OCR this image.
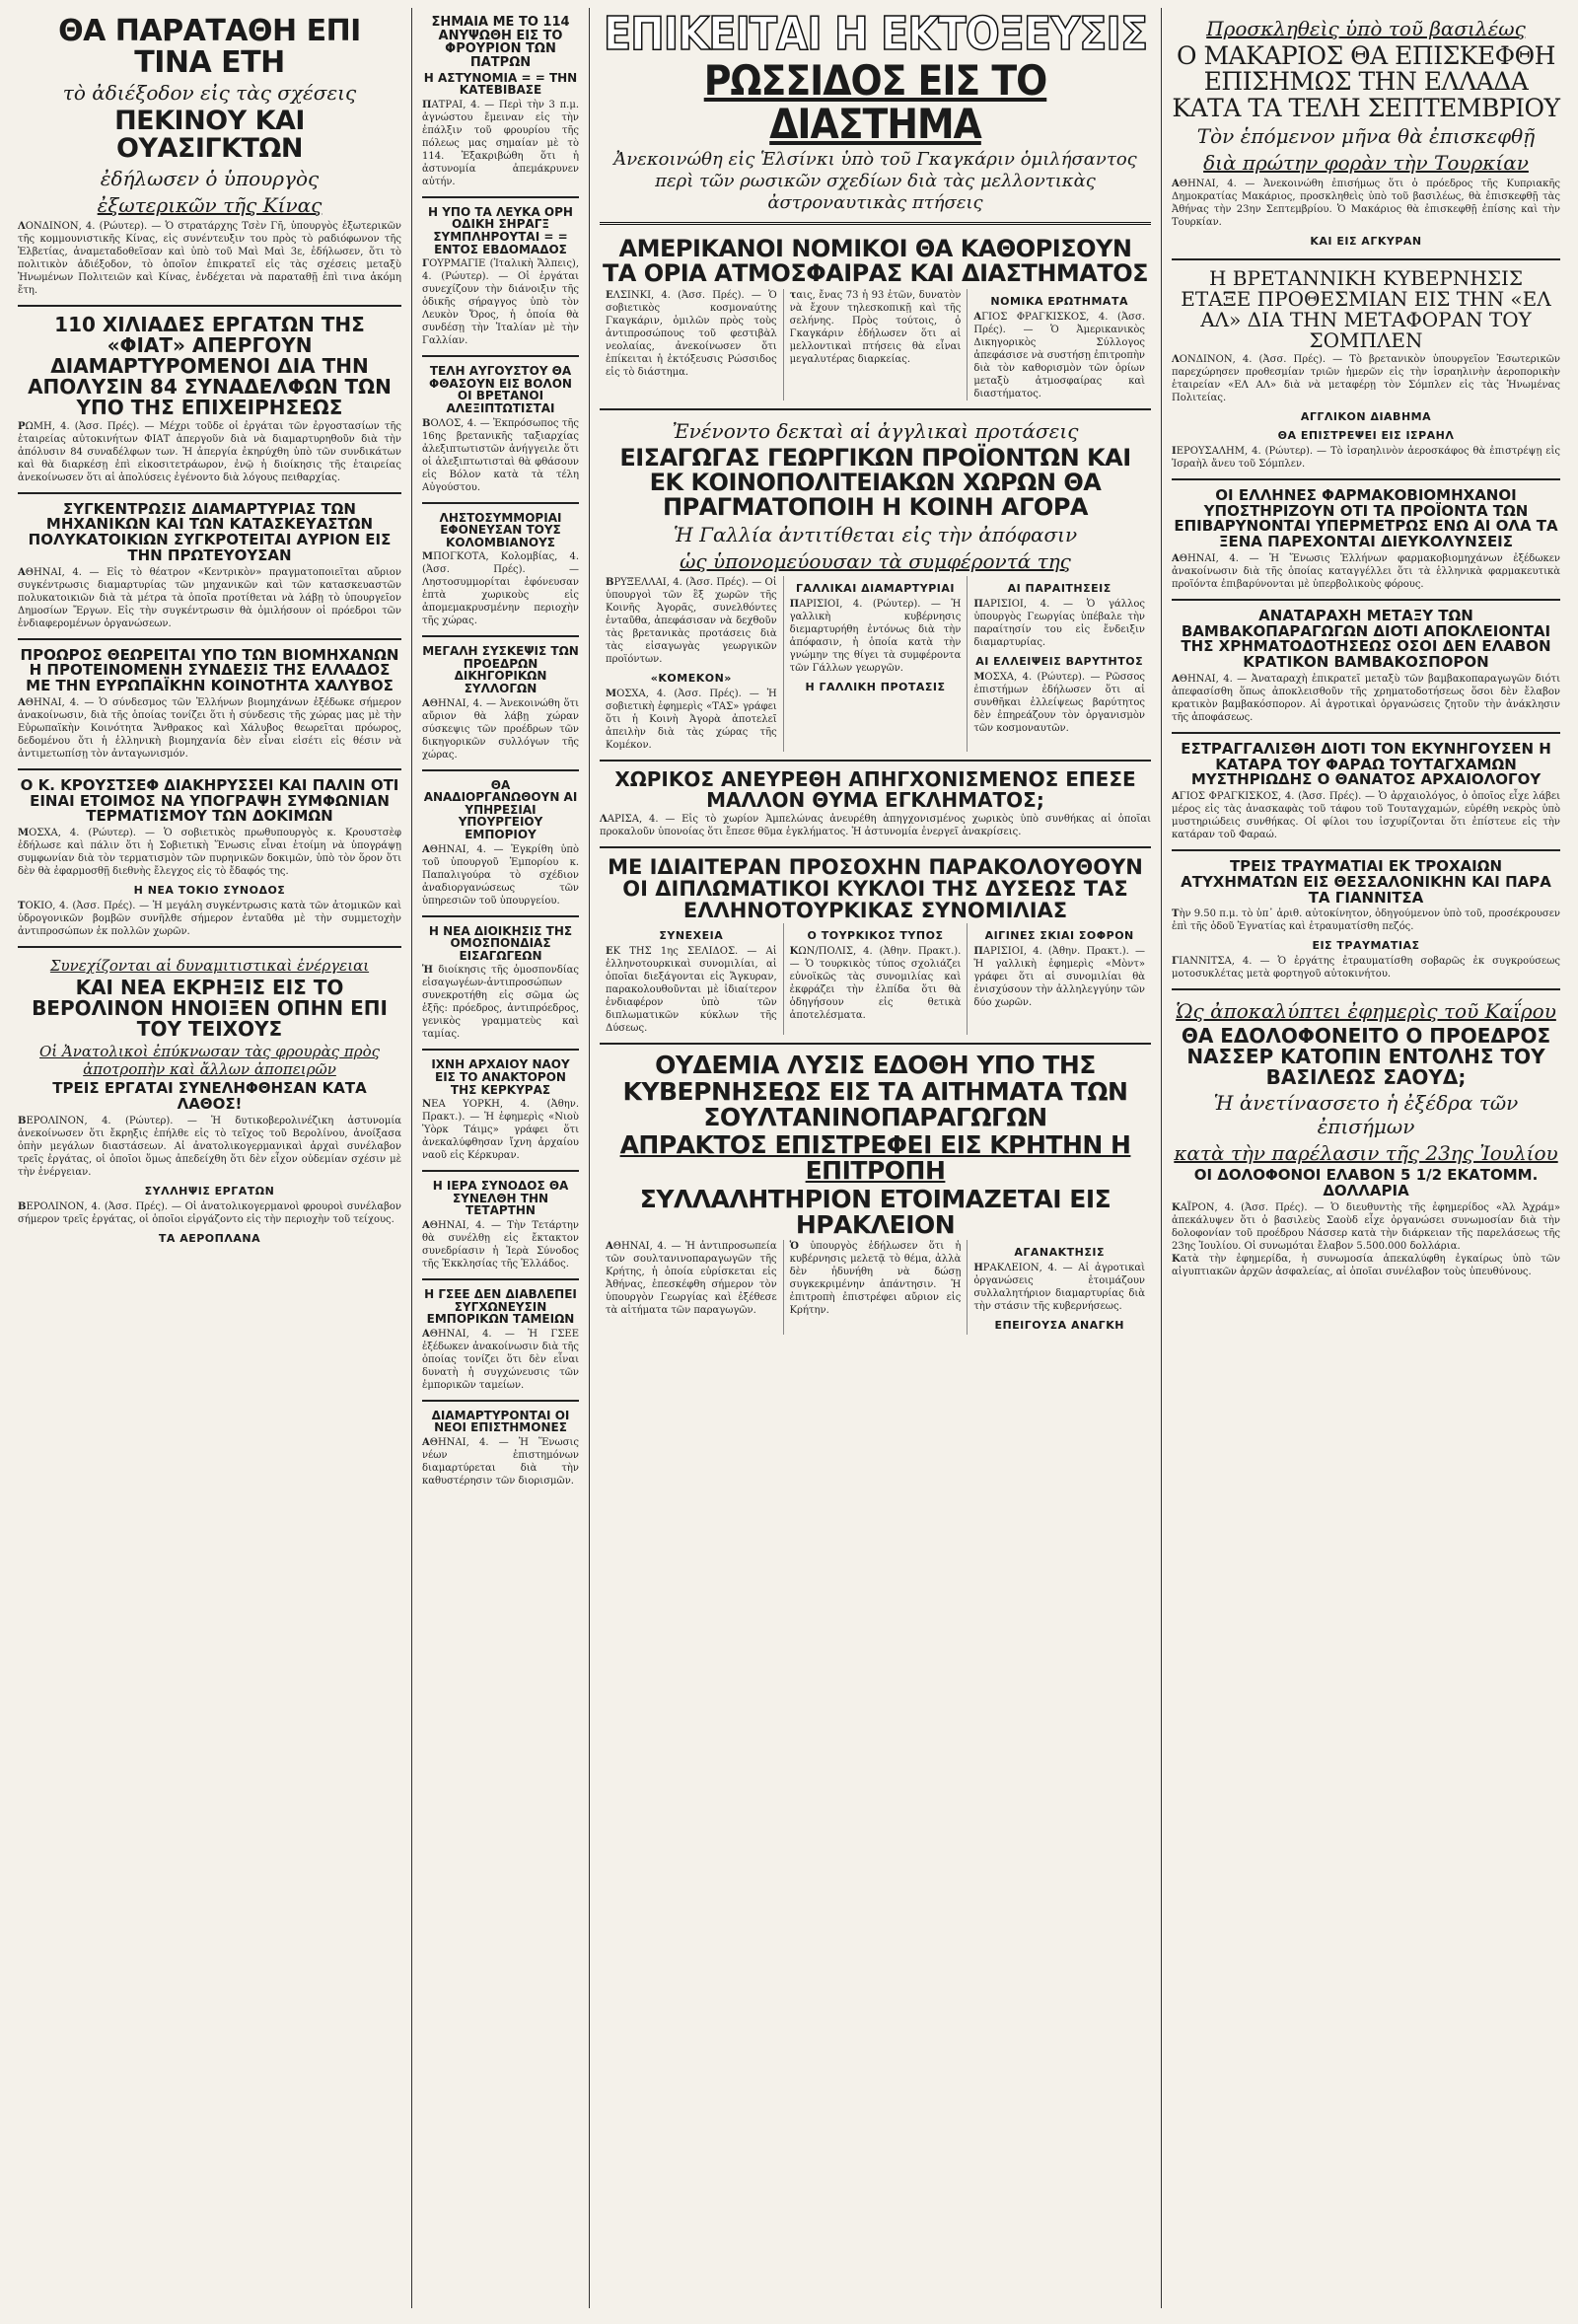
ΘΑ ΠΑΡΑΤΑΘΗ ΕΠΙ ΤΙΝΑ ΕΤΗ
τὸ ἀδιέξοδον εἰς τὰς σχέσεις
ΠΕΚΙΝΟΥ ΚΑΙ ΟΥΑΣΙΓΚΤΩΝ
ἐδήλωσεν ὁ ὑπουργὸς
ἐξωτερικῶν τῆς Κίνας

ΛΟΝΔΙΝΟΝ, 4. (Ρώυτερ). — Ὁ στρατάρχης Τσὲν Γῆ, ὑπουργὸς ἐξωτερικῶν τῆς κομμουνιστικῆς Κίνας, εἰς συνέντευξιν του πρὸς τὸ ραδιόφωνον τῆς Ἑλβετίας, ἀναμεταδοθεῖσαν καὶ ὑπὸ τοῦ Μαὶ Μαὶ 3ε, ἐδήλωσεν, ὅτι τὸ πολιτικὸν ἀδιέξοδον, τὸ ὁποῖον ἐπικρατεῖ εἰς τὰς σχέσεις μεταξὺ Ἡνωμένων Πολιτειῶν καὶ Κίνας, ἐνδέχεται νὰ παραταθῇ ἐπὶ τινα ἀκόμη ἔτη.

110 ΧΙΛΙΑΔΕΣ ΕΡΓΑΤΩΝ ΤΗΣ «ΦΙΑΤ» ΑΠΕΡΓΟΥΝ ΔΙΑΜΑΡΤΥΡΟΜΕΝΟΙ ΔΙΑ ΤΗΝ ΑΠΟΛΥΣΙΝ 84 ΣΥΝΑΔΕΛΦΩΝ ΤΩΝ ΥΠΟ ΤΗΣ ΕΠΙΧΕΙΡΗΣΕΩΣ

ΡΩΜΗ, 4. (Ἀσσ. Πρές). — Μέχρι τοῦδε οἱ ἐργάται τῶν ἐργοστασίων τῆς ἑταιρείας αὐτοκινήτων ΦΙΑΤ ἀπεργοῦν διὰ νὰ διαμαρτυρηθοῦν διὰ τὴν ἀπόλυσιν 84 συναδέλφων των. Ἡ ἀπεργία ἐκηρύχθη ὑπὸ τῶν συνδικάτων καὶ θὰ διαρκέσῃ ἐπὶ εἰκοσιτετράωρον, ἐνῷ ἡ διοίκησις τῆς ἑταιρείας ἀνεκοίνωσεν ὅτι αἱ ἀπολύσεις ἐγένοντο διὰ λόγους πειθαρχίας.

ΣΥΓΚΕΝΤΡΩΣΙΣ ΔΙΑΜΑΡΤΥΡΙΑΣ ΤΩΝ ΜΗΧΑΝΙΚΩΝ ΚΑΙ ΤΩΝ ΚΑΤΑΣΚΕΥΑΣΤΩΝ ΠΟΛΥΚΑΤΟΙΚΙΩΝ ΣΥΓΚΡΟΤΕΙΤΑΙ ΑΥΡΙΟΝ ΕΙΣ ΤΗΝ ΠΡΩΤΕΥΟΥΣΑΝ

ΑΘΗΝΑΙ, 4. — Εἰς τὸ θέατρον «Κεντρικὸν» πραγματοποιεῖται αὔριον συγκέντρωσις διαμαρτυρίας τῶν μηχανικῶν καὶ τῶν κατασκευαστῶν πολυκατοικιῶν διὰ τὰ μέτρα τὰ ὁποῖα προτίθεται νὰ λάβῃ τὸ ὑπουργεῖον Δημοσίων Ἔργων. Εἰς τὴν συγκέντρωσιν θὰ ὁμιλήσουν οἱ πρόεδροι τῶν ἐνδιαφερομένων ὀργανώσεων.

ΠΡΟΩΡΟΣ ΘΕΩΡΕΙΤΑΙ ΥΠΟ ΤΩΝ ΒΙΟΜΗΧΑΝΩΝ Η ΠΡΟΤΕΙΝΟΜΕΝΗ ΣΥΝΔΕΣΙΣ ΤΗΣ ΕΛΛΑΔΟΣ ΜΕ ΤΗΝ ΕΥΡΩΠΑΪΚΗΝ ΚΟΙΝΟΤΗΤΑ ΧΑΛΥΒΟΣ

ΑΘΗΝΑΙ, 4. — Ὁ σύνδεσμος τῶν Ἑλλήνων βιομηχάνων ἐξέδωκε σήμερον ἀνακοίνωσιν, διὰ τῆς ὁποίας τονίζει ὅτι ἡ σύνδεσις τῆς χώρας μας μὲ τὴν Εὐρωπαϊκὴν Κοινότητα Ἄνθρακος καὶ Χάλυβος θεωρεῖται πρόωρος, δεδομένου ὅτι ἡ ἑλληνικὴ βιομηχανία δὲν εἶναι εἰσέτι εἰς θέσιν νὰ ἀντιμετωπίσῃ τὸν ἀνταγωνισμόν.

Ο Κ. ΚΡΟΥΣΤΣΕΦ ΔΙΑΚΗΡΥΣΣΕΙ ΚΑΙ ΠΑΛΙΝ ΟΤΙ ΕΙΝΑΙ ΕΤΟΙΜΟΣ ΝΑ ΥΠΟΓΡΑΨΗ ΣΥΜΦΩΝΙΑΝ ΤΕΡΜΑΤΙΣΜΟΥ ΤΩΝ ΔΟΚΙΜΩΝ

ΜΟΣΧΑ, 4. (Ρώυτερ). — Ὁ σοβιετικὸς πρωθυπουργὸς κ. Κρουστσὲφ ἐδήλωσε καὶ πάλιν ὅτι ἡ Σοβιετικὴ Ἕνωσις εἶναι ἑτοίμη νὰ ὑπογράψῃ συμφωνίαν διὰ τὸν τερματισμὸν τῶν πυρηνικῶν δοκιμῶν, ὑπὸ τὸν ὅρον ὅτι δὲν θὰ ἐφαρμοσθῇ διεθνὴς ἔλεγχος εἰς τὸ ἔδαφός της.

Η ΝΕΑ ΤΟΚΙΟ ΣΥΝΟΔΟΣ

ΤΟΚΙΟ, 4. (Ἀσσ. Πρές). — Ἡ μεγάλη συγκέντρωσις κατὰ τῶν ἀτομικῶν καὶ ὑδρογονικῶν βομβῶν συνῆλθε σήμερον ἐνταῦθα μὲ τὴν συμμετοχὴν ἀντιπροσώπων ἐκ πολλῶν χωρῶν.

Συνεχίζονται αἱ δυναμιτιστικαὶ ἐνέργειαι
ΚΑΙ ΝΕΑ ΕΚΡΗΞΙΣ ΕΙΣ ΤΟ ΒΕΡΟΛΙΝΟΝ ΗΝΟΙΞΕΝ ΟΠΗΝ ΕΠΙ ΤΟΥ ΤΕΙΧΟΥΣ
Οἱ Ἀνατολικοὶ ἐπύκνωσαν τὰς φρουρὰς πρὸς ἀποτροπὴν καὶ ἄλλων ἀποπειρῶν
ΤΡΕΙΣ ΕΡΓΑΤΑΙ ΣΥΝΕΛΗΦΘΗΣΑΝ ΚΑΤΑ ΛΑΘΟΣ!

ΒΕΡΟΛΙΝΟΝ, 4. (Ρώυτερ). — Ἡ δυτικοβερολινέζικη ἀστυνομία ἀνεκοίνωσεν ὅτι ἔκρηξις ἐπήλθε εἰς τὸ τεῖχος τοῦ Βερολίνου, ἀνοίξασα ὀπὴν μεγάλων διαστάσεων. Αἱ ἀνατολικογερμανικαὶ ἀρχαὶ συνέλαβον τρεῖς ἐργάτας, οἱ ὁποῖοι ὅμως ἀπεδείχθη ὅτι δὲν εἶχον οὐδεμίαν σχέσιν μὲ τὴν ἐνέργειαν.

ΣΥΛΛΗΨΙΣ ΕΡΓΑΤΩΝ

ΒΕΡΟΛΙΝΟΝ, 4. (Ἀσσ. Πρές). — Οἱ ἀνατολικογερμανοὶ φρουροὶ συνέλαβον σήμερον τρεῖς ἐργάτας, οἱ ὁποῖοι εἰργάζοντο εἰς τὴν περιοχὴν τοῦ τείχους.

ΤΑ ΑΕΡΟΠΛΑΝΑ
ΣΗΜΑΙΑ ΜΕ ΤΟ 114 ΑΝΥΨΩΘΗ ΕΙΣ ΤΟ ΦΡΟΥΡΙΟΝ ΤΩΝ ΠΑΤΡΩΝ
Η ΑΣΤΥΝΟΜΙΑ = = ΤΗΝ ΚΑΤΕΒΙΒΑΣΕ

ΠΑΤΡΑΙ, 4. — Περὶ τὴν 3 π.μ. ἀγνώστου ἔμειναν εἰς τὴν ἐπάλξιν τοῦ φρουρίου τῆς πόλεως μας σημαίαν μὲ τὸ 114. Ἐξακριβώθη ὅτι ἡ ἀστυνομία ἀπεμάκρυνεν αὐτήν.

Η ΥΠΟ ΤΑ ΛΕΥΚΑ ΟΡΗ ΟΔΙΚΗ ΣΗΡΑΓΞ ΣΥΜΠΛΗΡΟΥΤΑΙ = = ΕΝΤΟΣ ΕΒΔΟΜΑΔΟΣ

ΓΟΥΡΜΑΓΙΕ (Ἰταλικὴ Ἄλπεις), 4. (Ρώυτερ). — Οἱ ἐργάται συνεχίζουν τὴν διάνοιξιν τῆς ὁδικῆς σήραγγος ὑπὸ τὸν Λευκὸν Ὄρος, ἡ ὁποία θὰ συνδέσῃ τὴν Ἰταλίαν μὲ τὴν Γαλλίαν.

ΤΕΛΗ ΑΥΓΟΥΣΤΟΥ ΘΑ ΦΘΑΣΟΥΝ ΕΙΣ ΒΟΛΟΝ ΟΙ ΒΡΕΤΑΝΟΙ ΑΛΕΞΙΠΤΩΤΙΣΤΑΙ

ΒΟΛΟΣ, 4. — Ἐκπρόσωπος τῆς 16ης βρετανικῆς ταξιαρχίας ἀλεξιπτωτιστῶν ἀνήγγειλε ὅτι οἱ ἀλεξιπτωτισταὶ θὰ φθάσουν εἰς Βόλον κατὰ τὰ τέλη Αὐγούστου.

ΛΗΣΤΟΣΥΜΜΟΡΙΑΙ ΕΦΟΝΕΥΣΑΝ ΤΟΥΣ ΚΟΛΟΜΒΙΑΝΟΥΣ

ΜΠΟΓΚΟΤΑ, Κολομβίας, 4. (Ἀσσ. Πρές). — Ληστοσυμμορίται ἐφόνευσαν ἑπτὰ χωρικοὺς εἰς ἀπομεμακρυσμένην περιοχὴν τῆς χώρας.

ΜΕΓΑΛΗ ΣΥΣΚΕΨΙΣ ΤΩΝ ΠΡΟΕΔΡΩΝ ΔΙΚΗΓΟΡΙΚΩΝ ΣΥΛΛΟΓΩΝ

ΑΘΗΝΑΙ, 4. — Ἀνεκοινώθη ὅτι αὔριον θὰ λάβῃ χώραν σύσκεψις τῶν προέδρων τῶν δικηγορικῶν συλλόγων τῆς χώρας.

ΘΑ ΑΝΑΔΙΟΡΓΑΝΩΘΟΥΝ ΑΙ ΥΠΗΡΕΣΙΑΙ ΥΠΟΥΡΓΕΙΟΥ ΕΜΠΟΡΙΟΥ

ΑΘΗΝΑΙ, 4. — Ἐγκρίθη ὑπὸ τοῦ ὑπουργοῦ Ἐμπορίου κ. Παπαλιγούρα τὸ σχέδιον ἀναδιοργανώσεως τῶν ὑπηρεσιῶν τοῦ ὑπουργείου.

Η ΝΕΑ ΔΙΟΙΚΗΣΙΣ ΤΗΣ ΟΜΟΣΠΟΝΔΙΑΣ ΕΙΣΑΓΩΓΕΩΝ

Ἡ διοίκησις τῆς ὁμοσπονδίας εἰσαγωγέων-ἀντιπροσώπων συνεκροτήθη εἰς σῶμα ὡς ἑξῆς: πρόεδρος, ἀντιπρόεδρος, γενικὸς γραμματεὺς καὶ ταμίας.

ΙΧΝΗ ΑΡΧΑΙΟΥ ΝΑΟΥ ΕΙΣ ΤΟ ΑΝΑΚΤΟΡΟΝ ΤΗΣ ΚΕΡΚΥΡΑΣ

ΝΕΑ ΥΟΡΚΗ, 4. (Ἀθην. Πρακτ.). — Ἡ ἐφημερὶς «Νιοὺ Ὑὸρκ Τάιμς» γράφει ὅτι ἀνεκαλύφθησαν ἴχνη ἀρχαίου ναοῦ εἰς Κέρκυραν.

Η ΙΕΡΑ ΣΥΝΟΔΟΣ ΘΑ ΣΥΝΕΛΘΗ ΤΗΝ ΤΕΤΑΡΤΗΝ

ΑΘΗΝΑΙ, 4. — Τὴν Τετάρτην θὰ συνέλθῃ εἰς ἔκτακτον συνεδρίασιν ἡ Ἱερὰ Σύνοδος τῆς Ἐκκλησίας τῆς Ἑλλάδος.

Η ΓΣΕΕ ΔΕΝ ΔΙΑΒΛΕΠΕΙ ΣΥΓΧΩΝΕΥΣΙΝ ΕΜΠΟΡΙΚΩΝ ΤΑΜΕΙΩΝ

ΑΘΗΝΑΙ, 4. — Ἡ ΓΣΕΕ ἐξέδωκεν ἀνακοίνωσιν διὰ τῆς ὁποίας τονίζει ὅτι δὲν εἶναι δυνατὴ ἡ συγχώνευσις τῶν ἐμπορικῶν ταμείων.

ΔΙΑΜΑΡΤΥΡΟΝΤΑΙ ΟΙ ΝΕΟΙ ΕΠΙΣΤΗΜΟΝΕΣ

ΑΘΗΝΑΙ, 4. — Ἡ Ἕνωσις νέων ἐπιστημόνων διαμαρτύρεται διὰ τὴν καθυστέρησιν τῶν διορισμῶν.

ΕΠΙΚΕΙΤΑΙ Η ΕΚΤΟΞΕΥΣΙΣ
ΡΩΣΣΙΔΟΣ ΕΙΣ ΤΟ ΔΙΑΣΤΗΜΑ
Ἀνεκοινώθη εἰς Ἑλσίνκι ὑπὸ τοῦ Γκαγκάριν ὁμιλήσαντος περὶ τῶν ρωσικῶν σχεδίων διὰ τὰς μελλοντικὰς ἀστροναυτικὰς πτήσεις
ΑΜΕΡΙΚΑΝΟΙ ΝΟΜΙΚΟΙ ΘΑ ΚΑΘΟΡΙΣΟΥΝ ΤΑ ΟΡΙΑ ΑΤΜΟΣΦΑΙΡΑΣ ΚΑΙ ΔΙΑΣΤΗΜΑΤΟΣ

ΕΛΣΙΝΚΙ, 4. (Ἀσσ. Πρές). — Ὁ σοβιετικὸς κοσμοναύτης Γκαγκάριν, ὁμιλῶν πρὸς τοὺς ἀντιπροσώπους τοῦ φεστιβὰλ νεολαίας, ἀνεκοίνωσεν ὅτι ἐπίκειται ἡ ἐκτόξευσις Ρώσσιδος εἰς τὸ διάστημα.

ταις, ἔνας 73 ἡ 93 ἐτῶν, δυνατὸν νὰ ἔχουν τηλεσκοπικῇ καὶ τῆς σελήνης. Πρὸς τούτοις, ὁ Γκαγκάριν ἐδήλωσεν ὅτι αἱ μελλοντικαὶ πτήσεις θὰ εἶναι μεγαλυτέρας διαρκείας.

ΝΟΜΙΚΑ ΕΡΩΤΗΜΑΤΑ

ΑΓΙΟΣ ΦΡΑΓΚΙΣΚΟΣ, 4. (Ἀσσ. Πρές). — Ὁ Ἀμερικανικὸς Δικηγορικὸς Σύλλογος ἀπεφάσισε νὰ συστήσῃ ἐπιτροπὴν διὰ τὸν καθορισμὸν τῶν ὁρίων μεταξὺ ἀτμοσφαίρας καὶ διαστήματος.

Ἐνένοντο δεκταὶ αἱ ἀγγλικαὶ προτάσεις
ΕΙΣΑΓΩΓΑΣ ΓΕΩΡΓΙΚΩΝ ΠΡΟΪΟΝΤΩΝ ΚΑΙ ΕΚ ΚΟΙΝΟΠΟΛΙΤΕΙΑΚΩΝ ΧΩΡΩΝ ΘΑ ΠΡΑΓΜΑΤΟΠΟΙΗ Η ΚΟΙΝΗ ΑΓΟΡΑ
Ἡ Γαλλία ἀντιτίθεται εἰς τὴν ἀπόφασιν
ὡς ὑπονομεύουσαν τὰ συμφέροντά της

ΒΡΥΞΕΛΛΑΙ, 4. (Ἀσσ. Πρές). — Οἱ ὑπουργοὶ τῶν ἓξ χωρῶν τῆς Κοινῆς Ἀγορᾶς, συνελθόντες ἐνταῦθα, ἀπεφάσισαν νὰ δεχθοῦν τὰς βρετανικὰς προτάσεις διὰ τὰς εἰσαγωγὰς γεωργικῶν προϊόντων.

«ΚΟΜΕΚΟΝ»

ΜΟΣΧΑ, 4. (Ἀσσ. Πρές). — Ἡ σοβιετικὴ ἐφημερὶς «ΤΑΣ» γράφει ὅτι ἡ Κοινὴ Ἀγορὰ ἀποτελεῖ ἀπειλὴν διὰ τὰς χώρας τῆς Κομέκον.

ΓΑΛΛΙΚΑΙ ΔΙΑΜΑΡΤΥΡΙΑΙ

ΠΑΡΙΣΙΟΙ, 4. (Ρώυτερ). — Ἡ γαλλικὴ κυβέρνησις διεμαρτυρήθη ἐντόνως διὰ τὴν ἀπόφασιν, ἡ ὁποία κατὰ τὴν γνώμην της θίγει τὰ συμφέροντα τῶν Γάλλων γεωργῶν.

Η ΓΑΛΛΙΚΗ ΠΡΟΤΑΣΙΣ
ΑΙ ΠΑΡΑΙΤΗΣΕΙΣ

ΠΑΡΙΣΙΟΙ, 4. — Ὁ γάλλος ὑπουργὸς Γεωργίας ὑπέβαλε τὴν παραίτησίν του εἰς ἔνδειξιν διαμαρτυρίας.

ΑΙ ΕΛΛΕΙΨΕΙΣ ΒΑΡΥΤΗΤΟΣ

ΜΟΣΧΑ, 4. (Ρώυτερ). — Ρῶσσος ἐπιστήμων ἐδήλωσεν ὅτι αἱ συνθῆκαι ἐλλείψεως βαρύτητος δὲν ἐπηρεάζουν τὸν ὀργανισμὸν τῶν κοσμοναυτῶν.

ΧΩΡΙΚΟΣ ΑΝΕΥΡΕΘΗ ΑΠΗΓΧΟΝΙΣΜΕΝΟΣ ΕΠΕΣΕ ΜΑΛΛΟΝ ΘΥΜΑ ΕΓΚΛΗΜΑΤΟΣ;

ΛΑΡΙΣΑ, 4. — Εἰς τὸ χωρίον Ἀμπελώνας ἀνευρέθη ἀπηγχονισμένος χωρικὸς ὑπὸ συνθήκας αἱ ὁποῖαι προκαλοῦν ὑπονοίας ὅτι ἔπεσε θῦμα ἐγκλήματος. Ἡ ἀστυνομία ἐνεργεῖ ἀνακρίσεις.

ΜΕ ΙΔΙΑΙΤΕΡΑΝ ΠΡΟΣΟΧΗΝ ΠΑΡΑΚΟΛΟΥΘΟΥΝ ΟΙ ΔΙΠΛΩΜΑΤΙΚΟΙ ΚΥΚΛΟΙ ΤΗΣ ΔΥΣΕΩΣ ΤΑΣ ΕΛΛΗΝΟΤΟΥΡΚΙΚΑΣ ΣΥΝΟΜΙΛΙΑΣ
ΣΥΝΕΧΕΙΑ

ΕΚ ΤΗΣ 1ης ΣΕΛΙΔΟΣ. — Αἱ ἑλληνοτουρκικαὶ συνομιλίαι, αἱ ὁποῖαι διεξάγονται εἰς Ἄγκυραν, παρακολουθοῦνται μὲ ἰδιαίτερον ἐνδιαφέρον ὑπὸ τῶν διπλωματικῶν κύκλων τῆς Δύσεως.

Ο ΤΟΥΡΚΙΚΟΣ ΤΥΠΟΣ

ΚΩΝ/ΠΟΛΙΣ, 4. (Ἀθην. Πρακτ.). — Ὁ τουρκικὸς τύπος σχολιάζει εὐνοϊκῶς τὰς συνομιλίας καὶ ἐκφράζει τὴν ἐλπίδα ὅτι θὰ ὁδηγήσουν εἰς θετικὰ ἀποτελέσματα.

ΑΙΓΙΝΕΣ ΣΚΙΑΙ ΣΟΦΡΟΝ

ΠΑΡΙΣΙΟΙ, 4. (Ἀθην. Πρακτ.). — Ἡ γαλλικὴ ἐφημερὶς «Μὸντ» γράφει ὅτι αἱ συνομιλίαι θὰ ἐνισχύσουν τὴν ἀλληλεγγύην τῶν δύο χωρῶν.

ΟΥΔΕΜΙΑ ΛΥΣΙΣ ΕΔΟΘΗ ΥΠΟ ΤΗΣ ΚΥΒΕΡΝΗΣΕΩΣ ΕΙΣ ΤΑ ΑΙΤΗΜΑΤΑ ΤΩΝ ΣΟΥΛΤΑΝΙΝΟΠΑΡΑΓΩΓΩΝ
ΑΠΡΑΚΤΟΣ ΕΠΙΣΤΡΕΦΕΙ ΕΙΣ ΚΡΗΤΗΝ Η ΕΠΙΤΡΟΠΗ
ΣΥΛΛΑΛΗΤΗΡΙΟΝ ΕΤΟΙΜΑΖΕΤΑΙ ΕΙΣ ΗΡΑΚΛΕΙΟΝ

ΑΘΗΝΑΙ, 4. — Ἡ ἀντιπροσωπεία τῶν σουλτανινοπαραγωγῶν τῆς Κρήτης, ἡ ὁποία εὑρίσκεται εἰς Ἀθήνας, ἐπεσκέφθη σήμερον τὸν ὑπουργὸν Γεωργίας καὶ ἐξέθεσε τὰ αἰτήματα τῶν παραγωγῶν.

Ὁ ὑπουργὸς ἐδήλωσεν ὅτι ἡ κυβέρνησις μελετᾷ τὸ θέμα, ἀλλὰ δὲν ἠδυνήθη νὰ δώσῃ συγκεκριμένην ἀπάντησιν. Ἡ ἐπιτροπὴ ἐπιστρέφει αὔριον εἰς Κρήτην.

ΑΓΑΝΑΚΤΗΣΙΣ

ΗΡΑΚΛΕΙΟΝ, 4. — Αἱ ἀγροτικαὶ ὀργανώσεις ἑτοιμάζουν συλλαλητήριον διαμαρτυρίας διὰ τὴν στάσιν τῆς κυβερνήσεως.

ΕΠΕΙΓΟΥΣΑ ΑΝΑΓΚΗ
Προσκληθεὶς ὑπὸ τοῦ βασιλέως
Ο ΜΑΚΑΡΙΟΣ ΘΑ ΕΠΙΣΚΕΦΘΗ ΕΠΙΣΗΜΩΣ ΤΗΝ ΕΛΛΑΔΑ ΚΑΤΑ ΤΑ ΤΕΛΗ ΣΕΠΤΕΜΒΡΙΟΥ
Τὸν ἑπόμενον μῆνα θὰ ἐπισκεφθῇ
διὰ πρώτην φορὰν τὴν Τουρκίαν

ΑΘΗΝΑΙ, 4. — Ἀνεκοινώθη ἐπισήμως ὅτι ὁ πρόεδρος τῆς Κυπριακῆς Δημοκρατίας Μακάριος, προσκληθεὶς ὑπὸ τοῦ βασιλέως, θὰ ἐπισκεφθῇ τὰς Ἀθήνας τὴν 23ην Σεπτεμβρίου. Ὁ Μακάριος θὰ ἐπισκεφθῇ ἐπίσης καὶ τὴν Τουρκίαν.

ΚΑΙ ΕΙΣ ΑΓΚΥΡΑΝ
Η ΒΡΕΤΑΝΝΙΚΗ ΚΥΒΕΡΝΗΣΙΣ ΕΤΑΞΕ ΠΡΟΘΕΣΜΙΑΝ ΕΙΣ ΤΗΝ «ΕΛ ΑΛ» ΔΙΑ ΤΗΝ ΜΕΤΑΦΟΡΑΝ ΤΟΥ ΣΟΜΠΛΕΝ

ΛΟΝΔΙΝΟΝ, 4. (Ἀσσ. Πρές). — Τὸ βρετανικὸν ὑπουργεῖον Ἐσωτερικῶν παρεχώρησεν προθεσμίαν τριῶν ἡμερῶν εἰς τὴν ἰσραηλινὴν ἀεροπορικὴν ἑταιρείαν «ΕΛ ΑΛ» διὰ νὰ μεταφέρῃ τὸν Σόμπλεν εἰς τὰς Ἡνωμένας Πολιτείας.

ΑΓΓΛΙΚΟΝ ΔΙΑΒΗΜΑ
ΘΑ ΕΠΙΣΤΡΕΨΕΙ ΕΙΣ ΙΣΡΑΗΛ

ΙΕΡΟΥΣΑΛΗΜ, 4. (Ρώυτερ). — Τὸ ἰσραηλινὸν ἀεροσκάφος θὰ ἐπιστρέψῃ εἰς Ἰσραὴλ ἄνευ τοῦ Σόμπλεν.

ΟΙ ΕΛΛΗΝΕΣ ΦΑΡΜΑΚΟΒΙΟΜΗΧΑΝΟΙ ΥΠΟΣΤΗΡΙΖΟΥΝ ΟΤΙ ΤΑ ΠΡΟΪΟΝΤΑ ΤΩΝ ΕΠΙΒΑΡΥΝΟΝΤΑΙ ΥΠΕΡΜΕΤΡΩΣ ΕΝΩ ΑΙ ΟΛΑ ΤΑ ΞΕΝΑ ΠΑΡΕΧΟΝΤΑΙ ΔΙΕΥΚΟΛΥΝΣΕΙΣ

ΑΘΗΝΑΙ, 4. — Ἡ Ἕνωσις Ἑλλήνων φαρμακοβιομηχάνων ἐξέδωκεν ἀνακοίνωσιν διὰ τῆς ὁποίας καταγγέλλει ὅτι τὰ ἑλληνικὰ φαρμακευτικὰ προϊόντα ἐπιβαρύνονται μὲ ὑπερβολικοὺς φόρους.

ΑΝΑΤΑΡΑΧΗ ΜΕΤΑΞΥ ΤΩΝ ΒΑΜΒΑΚΟΠΑΡΑΓΩΓΩΝ ΔΙΟΤΙ ΑΠΟΚΛΕΙΟΝΤΑΙ ΤΗΣ ΧΡΗΜΑΤΟΔΟΤΗΣΕΩΣ ΟΣΟΙ ΔΕΝ ΕΛΑΒΟΝ ΚΡΑΤΙΚΟΝ ΒΑΜΒΑΚΟΣΠΟΡΟΝ

ΑΘΗΝΑΙ, 4. — Ἀναταραχὴ ἐπικρατεῖ μεταξὺ τῶν βαμβακοπαραγωγῶν διότι ἀπεφασίσθη ὅπως ἀποκλεισθοῦν τῆς χρηματοδοτήσεως ὅσοι δὲν ἔλαβον κρατικὸν βαμβακόσπορον. Αἱ ἀγροτικαὶ ὀργανώσεις ζητοῦν τὴν ἀνάκλησιν τῆς ἀποφάσεως.

ΕΣΤΡΑΓΓΑΛΙΣΘΗ ΔΙΟΤΙ ΤΟΝ ΕΚΥΝΗΓΟΥΣΕΝ Η ΚΑΤΑΡΑ ΤΟΥ ΦΑΡΑΩ ΤΟΥΤΑΓΧΑΜΩΝ ΜΥΣΤΗΡΙΩΔΗΣ Ο ΘΑΝΑΤΟΣ ΑΡΧΑΙΟΛΟΓΟΥ

ΑΓΙΟΣ ΦΡΑΓΚΙΣΚΟΣ, 4. (Ἀσσ. Πρές). — Ὁ ἀρχαιολόγος, ὁ ὁποῖος εἶχε λάβει μέρος εἰς τὰς ἀνασκαφὰς τοῦ τάφου τοῦ Τουταγχαμών, εὑρέθη νεκρὸς ὑπὸ μυστηριώδεις συνθήκας. Οἱ φίλοι του ἰσχυρίζονται ὅτι ἐπίστευε εἰς τὴν κατάραν τοῦ Φαραώ.

ΤΡΕΙΣ ΤΡΑΥΜΑΤΙΑΙ ΕΚ ΤΡΟΧΑΙΩΝ ΑΤΥΧΗΜΑΤΩΝ ΕΙΣ ΘΕΣΣΑΛΟΝΙΚΗΝ ΚΑΙ ΠΑΡΑ ΤΑ ΓΙΑΝΝΙΤΣΑ

Τὴν 9.50 π.μ. τὸ ὑπ᾽ ἀριθ. αὐτοκίνητον, ὁδηγούμενον ὑπὸ τοῦ, προσέκρουσεν ἐπὶ τῆς ὁδοῦ Ἐγνατίας καὶ ἐτραυματίσθη πεζός.

ΕΙΣ ΤΡΑΥΜΑΤΙΑΣ

ΓΙΑΝΝΙΤΣΑ, 4. — Ὁ ἐργάτης ἐτραυματίσθη σοβαρῶς ἐκ συγκρούσεως μοτοσυκλέτας μετὰ φορτηγοῦ αὐτοκινήτου.

Ὡς ἀποκαλύπτει ἐφημερὶς τοῦ Καΐρου
ΘΑ ΕΔΟΛΟΦΟΝΕΙΤΟ Ο ΠΡΟΕΔΡΟΣ ΝΑΣΣΕΡ ΚΑΤΟΠΙΝ ΕΝΤΟΛΗΣ ΤΟΥ ΒΑΣΙΛΕΩΣ ΣΑΟΥΔ;
Ἡ ἀνετίνασσετο ἡ ἐξέδρα τῶν ἐπισήμων
κατὰ τὴν παρέλασιν τῆς 23ης Ἰουλίου
ΟΙ ΔΟΛΟΦΟΝΟΙ ΕΛΑΒΟΝ 5 1/2 ΕΚΑΤΟΜΜ. ΔΟΛΛΑΡΙΑ

ΚΑΪΡΟΝ, 4. (Ἀσσ. Πρές). — Ὁ διευθυντὴς τῆς ἐφημερίδος «Ἀλ Ἀχράμ» ἀπεκάλυψεν ὅτι ὁ βασιλεὺς Σαοὺδ εἶχε ὀργανώσει συνωμοσίαν διὰ τὴν δολοφονίαν τοῦ προέδρου Νάσσερ κατὰ τὴν διάρκειαν τῆς παρελάσεως τῆς 23ης Ἰουλίου. Οἱ συνωμόται ἔλαβον 5.500.000 δολλάρια.

Κατὰ τὴν ἐφημερίδα, ἡ συνωμοσία ἀπεκαλύφθη ἐγκαίρως ὑπὸ τῶν αἰγυπτιακῶν ἀρχῶν ἀσφαλείας, αἱ ὁποῖαι συνέλαβον τοὺς ὑπευθύνους.
